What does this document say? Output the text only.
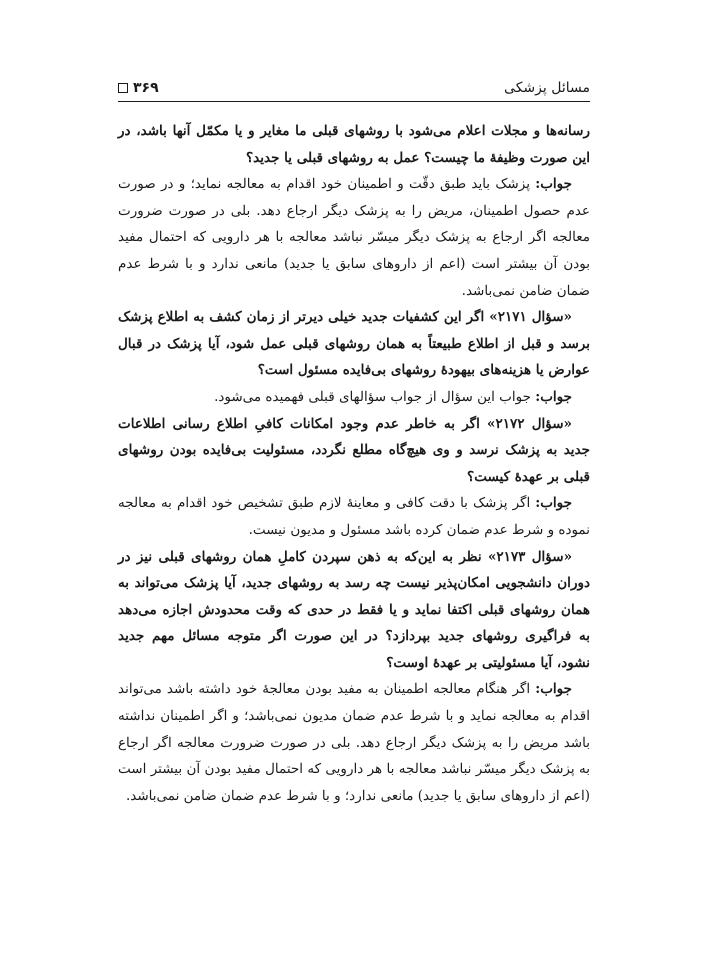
مسائل پزشکی
۳۶۹

رسانه‌ها و مجلات اعلام می‌شود با روشهای قبلی ما مغایر و یا مکمّل آنها باشد، در این صورت وظیفهٔ ما چیست؟ عمل به روشهای قبلی یا جدید؟

جواب: پزشک باید طبق دقّت و اطمینان خود اقدام به معالجه نماید؛ و در صورت عدم حصول اطمینان، مریض را به پزشک دیگر ارجاع دهد. بلی در صورت ضرورت معالجه اگر ارجاع به پزشک دیگر میسّر نباشد معالجه با هر دارویی که احتمال مفید بودن آن بیشتر است (اعم از داروهای سابق یا جدید) مانعی ندارد و با شرط عدم ضمان ضامن نمی‌باشد.

«سؤال ۲۱۷۱» اگر این کشفیات جدید خیلی دیرتر از زمان کشف به اطلاع پزشک برسد و قبل از اطلاع طبیعتاً به همان روشهای قبلی عمل شود، آیا پزشک در قبال عوارض یا هزینه‌های بیهودهٔ روشهای بی‌فایده مسئول است؟

جواب: جواب این سؤال از جواب سؤالهای قبلی فهمیده می‌شود.

«سؤال ۲۱۷۲» اگر به خاطر عدم وجود امکانات کافیِ اطلاع رسانی اطلاعات جدید به پزشک نرسد و وی هیچ‌گاه مطلع نگردد، مسئولیت بی‌فایده بودن روشهای قبلی بر عهدهٔ کیست؟

جواب: اگر پزشک با دقت کافی و معاینهٔ لازم طبق تشخیص خود اقدام به معالجه نموده و شرط عدم ضمان کرده باشد مسئول و مدیون نیست.

«سؤال ۲۱۷۳» نظر به این‌که به ذهن سپردن کاملِ همان روشهای قبلی نیز در دوران دانشجویی امکان‌پذیر نیست چه رسد به روشهای جدید، آیا پزشک می‌تواند به همان روشهای قبلی اکتفا نماید و یا فقط در حدی که وقت محدودش اجازه می‌دهد به فراگیری روشهای جدید بپردازد؟ در این صورت اگر متوجه مسائل مهم جدید نشود، آیا مسئولیتی بر عهدهٔ اوست؟

جواب: اگر هنگام معالجه اطمینان به مفید بودن معالجهٔ خود داشته باشد می‌تواند اقدام به معالجه نماید و با شرط عدم ضمان مدیون نمی‌باشد؛ و اگر اطمینان نداشته باشد مریض را به پزشک دیگر ارجاع دهد. بلی در صورت ضرورت معالجه اگر ارجاع به پزشک دیگر میسّر نباشد معالجه با هر دارویی که احتمال مفید بودن آن بیشتر است (اعم از داروهای سابق یا جدید) مانعی ندارد؛ و با شرط عدم ضمان ضامن نمی‌باشد.
